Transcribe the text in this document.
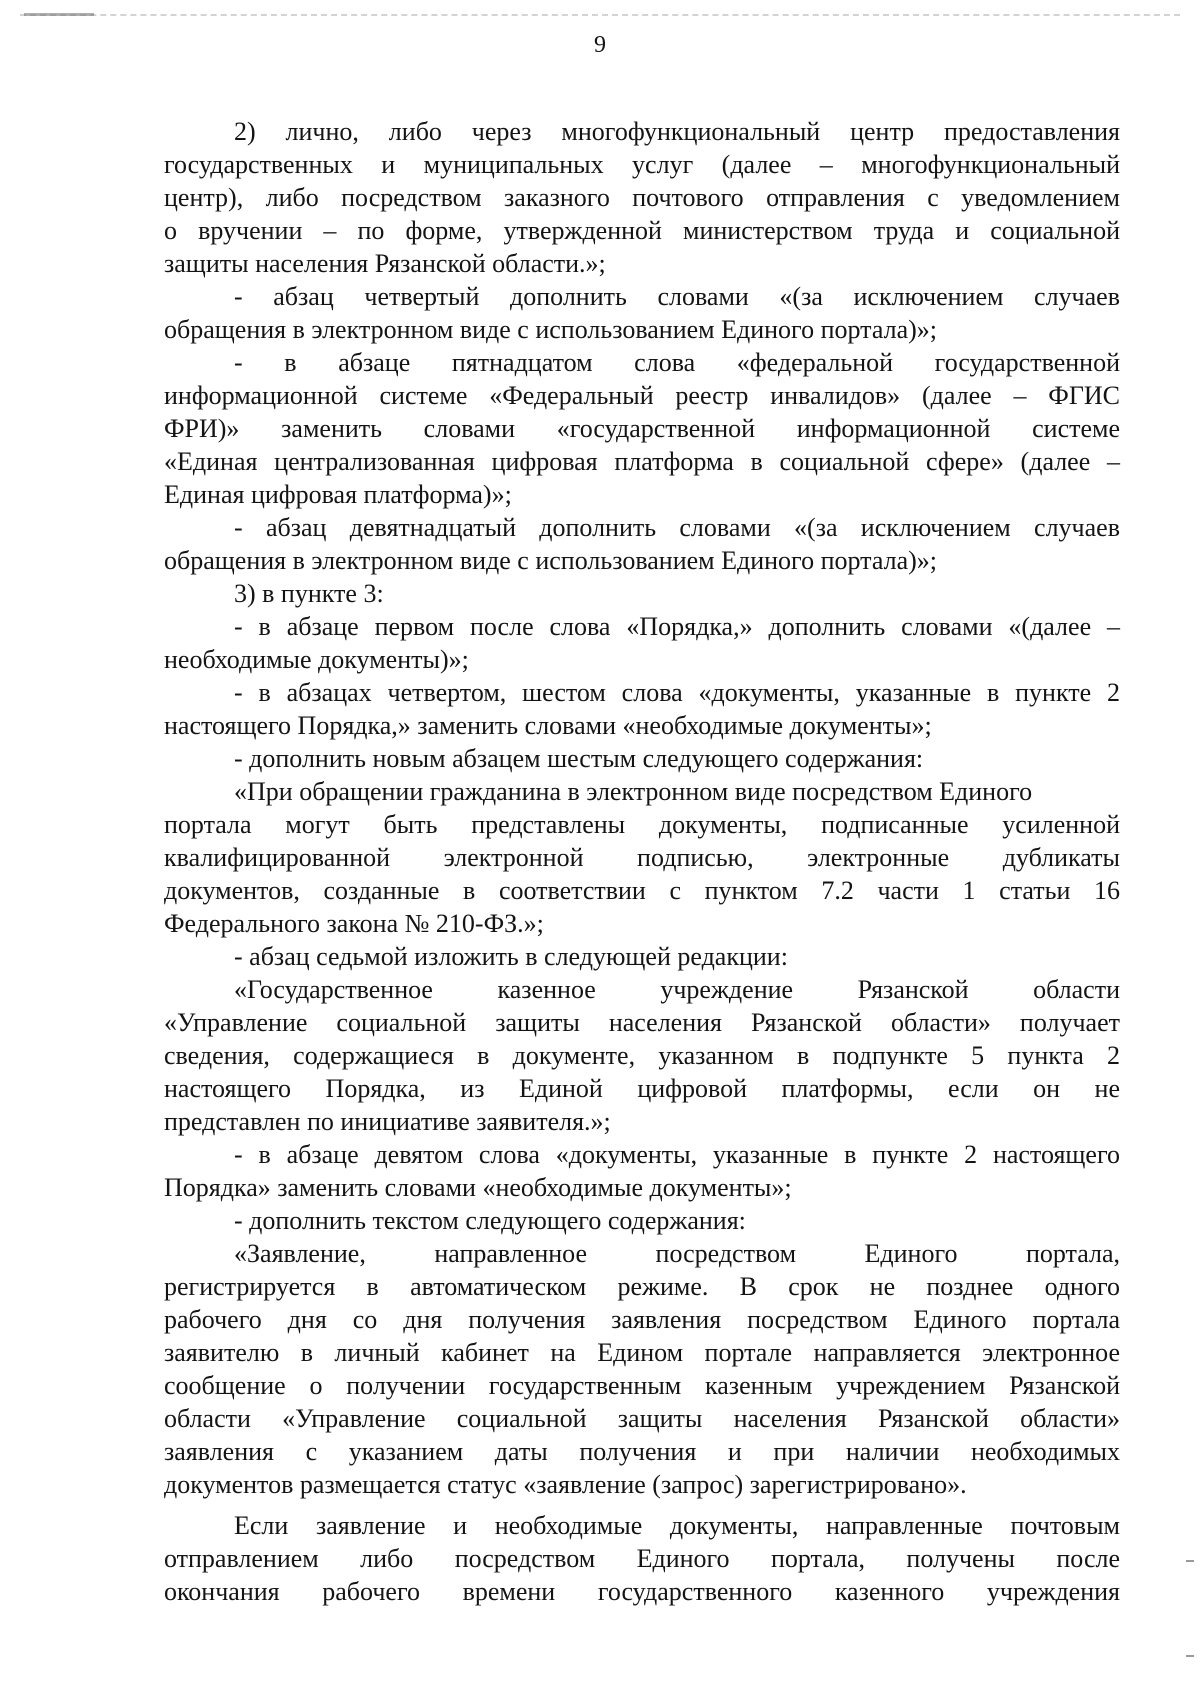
9
2) лично, либо через многофункциональный центр предоставления
государственных и муниципальных услуг (далее – многофункциональный
центр), либо посредством заказного почтового отправления с уведомлением
о вручении – по форме, утвержденной министерством труда и социальной
защиты населения Рязанской области.»;
- абзац четвертый дополнить словами «(за исключением случаев
обращения в электронном виде с использованием Единого портала)»;
- в абзаце пятнадцатом слова «федеральной государственной
информационной системе «Федеральный реестр инвалидов» (далее – ФГИС
ФРИ)» заменить словами «государственной информационной системе
«Единая централизованная цифровая платформа в социальной сфере» (далее –
Единая цифровая платформа)»;
- абзац девятнадцатый дополнить словами «(за исключением случаев
обращения в электронном виде с использованием Единого портала)»;
3) в пункте 3:
- в абзаце первом после слова «Порядка,» дополнить словами «(далее –
необходимые документы)»;
- в абзацах четвертом, шестом слова «документы, указанные в пункте 2
настоящего Порядка,» заменить словами «необходимые документы»;
- дополнить новым абзацем шестым следующего содержания:
«При обращении гражданина в электронном виде посредством Единого
портала могут быть представлены документы, подписанные усиленной
квалифицированной электронной подписью, электронные дубликаты
документов, созданные в соответствии с пунктом 7.2 части 1 статьи 16
Федерального закона № 210-ФЗ.»;
- абзац седьмой изложить в следующей редакции:
«Государственное казенное учреждение Рязанской области
«Управление социальной защиты населения Рязанской области» получает
сведения, содержащиеся в документе, указанном в подпункте 5 пункта 2
настоящего Порядка, из Единой цифровой платформы, если он не
представлен по инициативе заявителя.»;
- в абзаце девятом слова «документы, указанные в пункте 2 настоящего
Порядка» заменить словами «необходимые документы»;
- дополнить текстом следующего содержания:
«Заявление, направленное посредством Единого портала,
регистрируется в автоматическом режиме. В срок не позднее одного
рабочего дня со дня получения заявления посредством Единого портала
заявителю в личный кабинет на Едином портале направляется электронное
сообщение о получении государственным казенным учреждением Рязанской
области «Управление социальной защиты населения Рязанской области»
заявления с указанием даты получения и при наличии необходимых
документов размещается статус «заявление (запрос) зарегистрировано».
Если заявление и необходимые документы, направленные почтовым
отправлением либо посредством Единого портала, получены после
окончания рабочего времени государственного казенного учреждения
